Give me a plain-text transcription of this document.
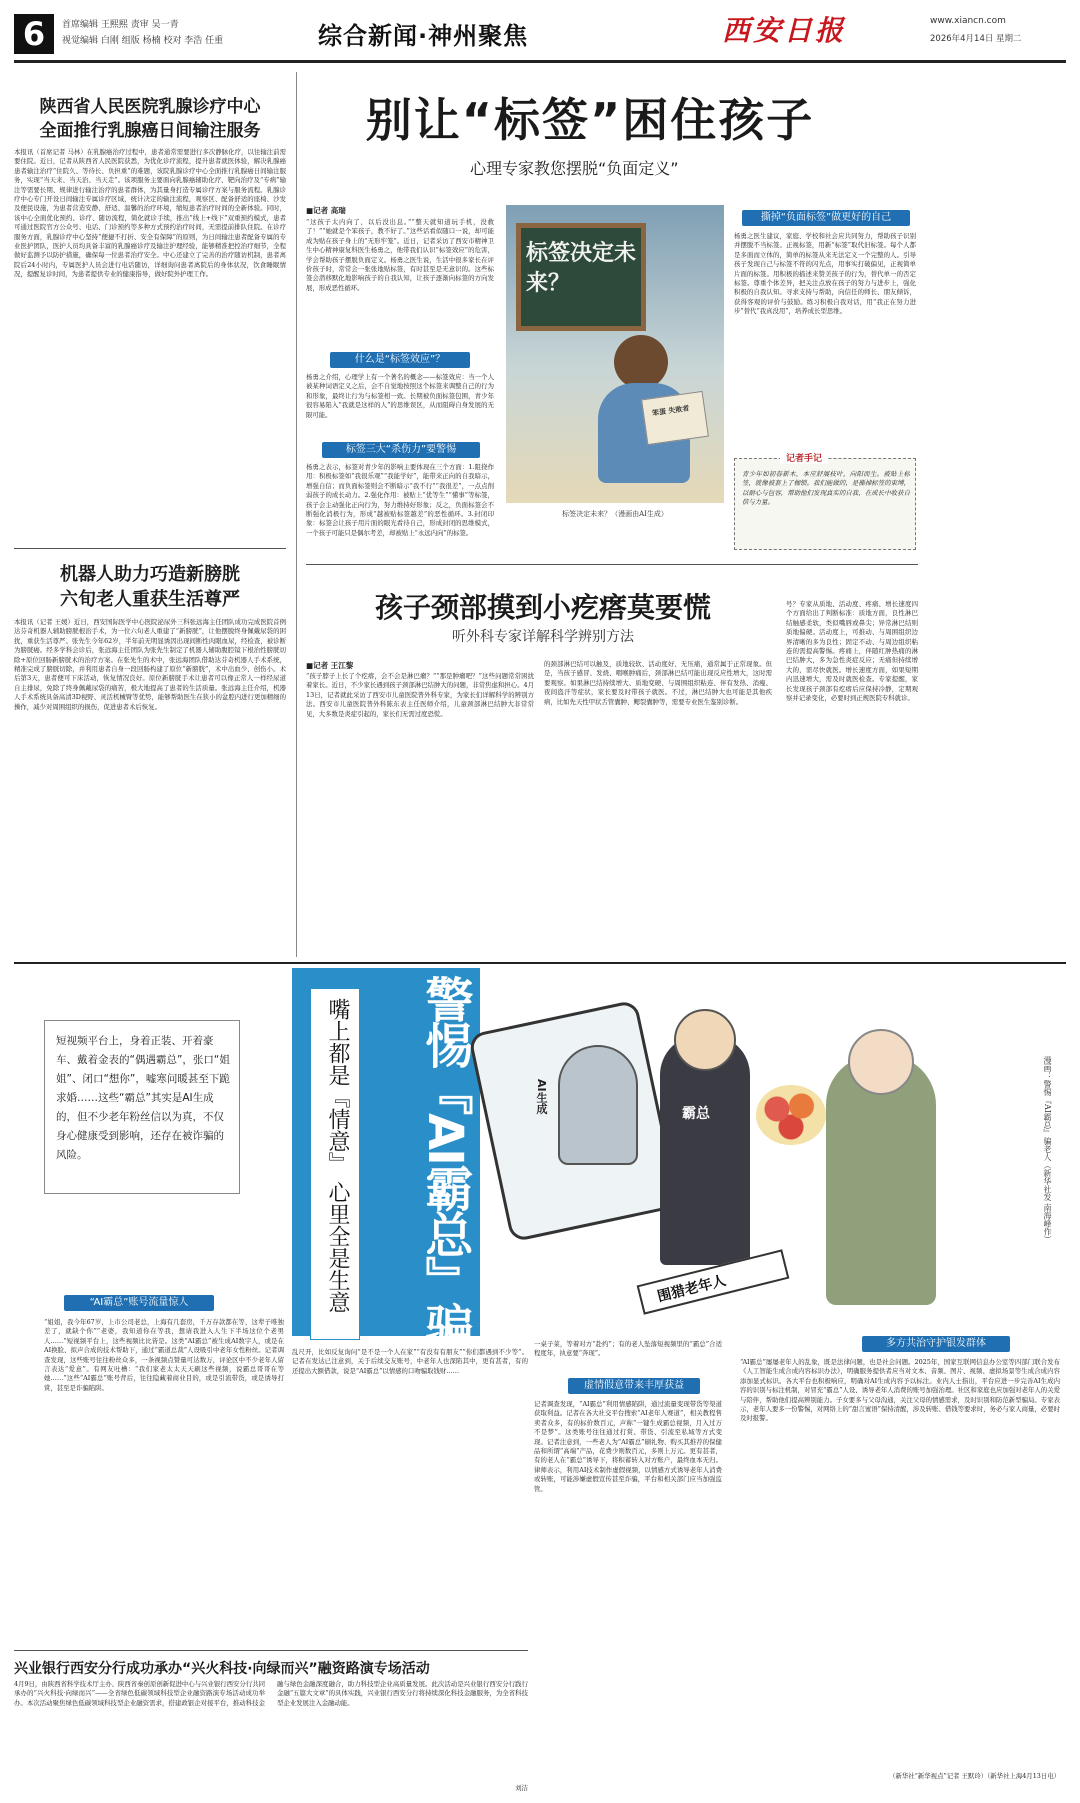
6	首席编辑 王熙熙 责审 吴一青
视觉编辑 白刚 组版 杨楠 校对 李浩 任重	综合新闻·神州聚焦	西安日报	www.xiancn.com
2026年4月14日 星期二
陕西省人民医院乳腺诊疗中心
全面推行乳腺癌日间输注服务
本报讯（首席记者 马林）在乳腺癌治疗过程中，患者通常需要进行多次静脉化疗，以往输注前需要住院。近日，记者从陕西省人民医院获悉，为优化诊疗流程，提升患者就医体验，解决乳腺癌患者输注治疗“住院久、等待长、负担重”的难题，该院乳腺诊疗中心全面推行乳腺癌日间输注服务，实现“当天来、当天治、当天走”。该项服务主要面向乳腺癌辅助化疗、靶向治疗及“专病”输注等需要长期、规律进行输注治疗的患者群体，为其量身打造专属诊疗方案与服务流程。乳腺诊疗中心专门开设日间输注专属诊疗区域，统计决定的输注流程，观察区、配备舒适的座椅、沙发及便民设施，为患者营造安静、舒适、温馨的治疗环境，缩短患者治疗时间的全新体验。同时，该中心全面优化预约、诊疗、随访流程，简化就诊手续，推出“线上+线下”双重预约模式，患者可通过医院官方公众号、电话、门诊预约等多种方式预约治疗时间，无需提前排队住院。在诊疗服务方面，乳腺诊疗中心坚持“便捷不打折、安全有保障”的原则，为日间输注患者配备专属的专业医护团队，医护人员均具备丰富的乳腺癌诊疗及输注护理经验，能够精准把控治疗细节，全程做好监测予以防护措施，确保每一位患者治疗安全。中心还建立了完善的治疗随访机制，患者离院后24小时内，专属医护人员会进行电话随访，详细询问患者离院后的身体状况，饮食睡眠情况，提醒复诊时间，为患者提供专业的健康指导，做好院外护理工作。
机器人助力巧造新膀胱
六旬老人重获生活尊严
本报讯（记者 王媛）近日，西安国际医学中心医院泌尿外三科张远海主任团队成功完成医院首例达芬奇机器人辅助膀胱根治手术，为一位六旬老人重建了“新膀胱”，让他摆脱终身佩戴尿袋的困扰，重获生活尊严。张先生今年62岁，半年前无明显诱因出现间断性肉眼血尿，经检查，被诊断为膀胱癌。经多学科会诊后，张远海主任团队为张先生制定了机器人辅助腹腔镜下根治性膀胱切除+原位回肠新膀胱术的治疗方案。在张先生的术中，张远海团队借助达芬奇机器人手术系统，精准完成了膀胱切除，并利用患者自身一段回肠构建了原位“新膀胱”，术中出血少、创伤小。术后第3天，患者便可下床活动，恢复情况良好。原位新膀胱手术让患者可以像正常人一样经尿道自主排尿，免除了终身佩戴尿袋的痛苦，极大地提高了患者的生活质量。张远海主任介绍，机器人手术系统具备高清3D视野、灵活机械臂等优势，能够帮助医生在狭小的盆腔内进行更加精细的操作，减少对周围组织的损伤，促进患者术后恢复。
别让“标签”困住孩子
心理专家教您摆脱“负面定义”
■记者 高瑞
“这孩子太内向了，以后没出息。”“整天就知道玩手机，没救了！”“她就是个笨孩子，教不好了。”这些话看似随口一说，却可能成为贴在孩子身上的“无形牢笼”。近日，记者采访了西安市精神卫生中心精神康复科医生杨勇之，他带我们认识“标签效应”的危害，学会帮助孩子摆脱负面定义。杨勇之医生说，生活中很多家长在评价孩子时，常常会一张张地贴标签，有时甚至是无意识的。这些标签会潜移默化地影响孩子的自我认知，让孩子逐渐向标签的方向发展，形成恶性循环。
什么是“标签效应”？
杨勇之介绍，心理学上有一个著名的概念——标签效应：当一个人被某种词语定义之后，会不自觉地按照这个标签来调整自己的行为和形象，最终让行为与标签相一致。长期被负面标签包围，青少年很容易陷入“我就是这样的人”的思维误区，从而阻碍自身发展的无限可能。
标签三大“杀伤力”要警惕
杨勇之表示，标签对青少年的影响主要体现在三个方面：1.阻挠作用：积极标签如“我很乐观”“我能学好”，能带来正向的自我暗示，增强自信；而负面标签则会不断暗示“我不行”“我很差”，一点点削弱孩子的成长动力。2.强化作用：被贴上“优等生”“懂事”等标签，孩子会主动强化正向行为，努力维持好形象；反之，负面标签会不断强化消极行为，形成“越被贴标签越差”的恶性循环。3.封闭印象：标签会让孩子用片面的眼光看待自己，形成封闭的思维模式，一个孩子可能只是偶尔考差，却被贴上“永远内向”的标签。
标签决定未来？
笨蛋 失败者
标签决定未来？（漫画由AI生成）
撕掉“负面标签”做更好的自己
杨勇之医生建议，家庭、学校和社会应共同努力，帮助孩子识别并摆脱不当标签。正视标签，用新“标签”取代旧标签。每个人都是多面而立体的，简单的标签从来无法定义一个完整的人。引导孩子发现自己与标签不符的闪光点，用事实打破偏见，正视简单片面的标签。用积极的描述来赞美孩子的行为，替代单一的否定标签。尊重个体差异，把关注点放在孩子的努力与进步上，强化积极的自我认知。寻求支持与帮助，向信任的师长、朋友倾诉，获得客观的评价与鼓励。练习积极自我对话，用“我正在努力进步”替代“我真没用”，培养成长型思维。
记者手记
青少年如初春新木，本应舒展枝叶，向阳而生。被贴上标签，就像被套上了枷锁。我们能做的，是撕掉标签的束缚，以耐心与包容，帮助他们发现真实的自我，在成长中收获自信与力量。
孩子颈部摸到小疙瘩莫要慌
听外科专家详解科学辨别方法
■记者 王江黎
“孩子脖子上长了个疙瘩，会不会是淋巴瘤？”“那是肿瘤吧？”这些问题常常困扰着家长。近日，不少家长遇到孩子颈部淋巴结肿大的问题，非常焦虑和担心。4月13日，记者就此采访了西安市儿童医院普外科专家，为家长们详解科学的辨别方法。西安市儿童医院普外科陈东表主任医师介绍，儿童颈部淋巴结肿大非常常见，大多数是炎症引起的，家长们无需过度恐慌。
的颈部淋巴结可以触及，质地较软、活动度好、无压痛，通常属于正常现象。但是，当孩子感冒、发烧、咽喉肿痛后，颈部淋巴结可能出现反应性增大，这时需要观察。如果淋巴结持续增大、质地变硬、与周围组织粘连、伴有发热、消瘦、夜间盗汗等症状，家长要及时带孩子就医。不过，淋巴结肿大也可能是其他疾病，比如先天性甲状舌管囊肿、鳃裂囊肿等，需要专业医生鉴别诊断。
号？专家从质地、活动度、疼痛、增长速度四个方面给出了判断标准：质地方面，良性淋巴结触感柔软，类似嘴唇或鼻尖；异常淋巴结则质地偏硬。活动度上，可推动、与周围组织边界清晰的多为良性；固定不动、与周边组织粘连的需提高警惕。疼痛上，伴随红肿热痛的淋巴结肿大，多为急性炎症反应；无痛但持续增大的，需尽快就医。增长速度方面，如果短期内迅速增大，需及时就医检查。专家提醒，家长发现孩子颈部有疙瘩后应保持冷静，定期观察并记录变化，必要时到正规医院专科就诊。
警惕『AI霸总』骗老人
嘴上都是『情意』 心里全是生意
短视频平台上，身着正装、开着豪车、戴着金表的“偶遇霸总”，张口“姐姐”、闭口“想你”，嘘寒问暖甚至下跪求婚……这些“霸总”其实是AI生成的，但不少老年粉丝信以为真，不仅身心健康受到影响，还存在被诈骗的风险。
AI生成
霸总
围猎老年人
漫画：警惕『AI霸总』骗老人（新华社发 南海峰作）
“AI霸总”账号流量惊人
“姐姐，我今年67岁，上市公司老总，上海有几套房，千万存款都在等，这辈子唯独差了，就缺个你”“老婆，我知道你在等我，想请我进入人生下半场这位个老男人……”短视频平台上，这些视频比比皆是。这类“AI霸总”被生成AI数字人，或是在AI换脸、拟声合成的技术帮助下，通过“霸道总裁”人设吸引中老年女性粉丝。记者调查发现，这些账号往往粉丝众多，一条视频点赞量可达数万，评论区中不少老年人留言表达“爱意”。有网友吐槽：“我们家老太太天天刷这些视频，说霸总哥哥在等她……”这些“AI霸总”账号背后，往往隐藏着商业目的，或是引流带货，或是诱导打赏，甚至是诈骗陷阱。
乱尺开，比如反复询问“是不是一个人在家”“有没有有朋友”“你们都遇到不少等”。记者在发达已注意到，关于后续交友账号，中老年人也深陷其中，更有甚者，有的还提出大额借款，说是“AI霸总”以情感的口吻骗取钱财……
一桌子菜，等着对方“赴约”；有的老人坠落短视频里的“霸总”合适程度年，执意要“奔现”。
虚情假意带来丰厚获益
记者调查发现，“AI霸总”利用情感陷阱，通过流量变现带货等渠道获取利益。记者在各大社交平台搜索“AI老年人赛道”，相关教程售卖者众多，有的标价数百元，声称“一键生成霸总视频，月入过万不是梦”。这类账号往往通过打赏、带货、引流至私域等方式变现。记者注意到，一些老人为“AI霸总”刷礼物、购买其推荐的保健品和所谓“高端”产品，花费少则数百元，多则上万元。更有甚者，有的老人在“霸总”诱导下，将积蓄转入对方账户，最终血本无归。律师表示，利用AI技术制作虚假视频，以情感方式诱导老年人消费或转账，可能涉嫌虚假宣传甚至诈骗，平台和相关部门应当加强监管。
多方共治守护银发群体
“AI霸总”屡屡老年人的乱象，既是法律问题，也是社会问题。2025年，国家互联网信息办公室等四部门联合发布《人工智能生成合成内容标识办法》，明确服务提供者应当对文本、音频、图片、视频、虚拟场景等生成合成内容添加显式标识。各大平台也积极响应，明确对AI生成内容予以标注。业内人士指出，平台应进一步完善AI生成内容的识别与标注机制，对冒充“霸总”人设、诱导老年人消费的账号加强治理。社区和家庭也应加强对老年人的关爱与陪伴，帮助他们提高辨别能力。子女要多与父母沟通，关注父母的情感需求，及时识别和防范新型骗局。专家表示，老年人要多一份警惕，对网络上的“甜言蜜语”保持清醒，涉及转账、借钱等要求时，务必与家人商量，必要时及时报警。
（新华社“新华视点”记者 王默玲）（新华社上海4月13日电）
兴业银行西安分行成功承办“兴火科技·向绿而兴”融资路演专场活动
4月9日，由陕西省科学技术厅主办、陕西省秦创原创新促进中心与兴业银行西安分行共同承办的“兴火科技·向绿而兴”——全省绿色低碳领域科技型企业融资路演专场活动成功举办。本次活动聚焦绿色低碳领域科技型企业融资需求，搭建政银企对接平台，推动科技金融与绿色金融深度融合，助力科技型企业高质量发展。此次活动是兴业银行西安分行践行金融“五篇大文章”的具体实践，兴业银行西安分行将持续深化科技金融服务，为全省科技型企业发展注入金融动能。
刘洁
